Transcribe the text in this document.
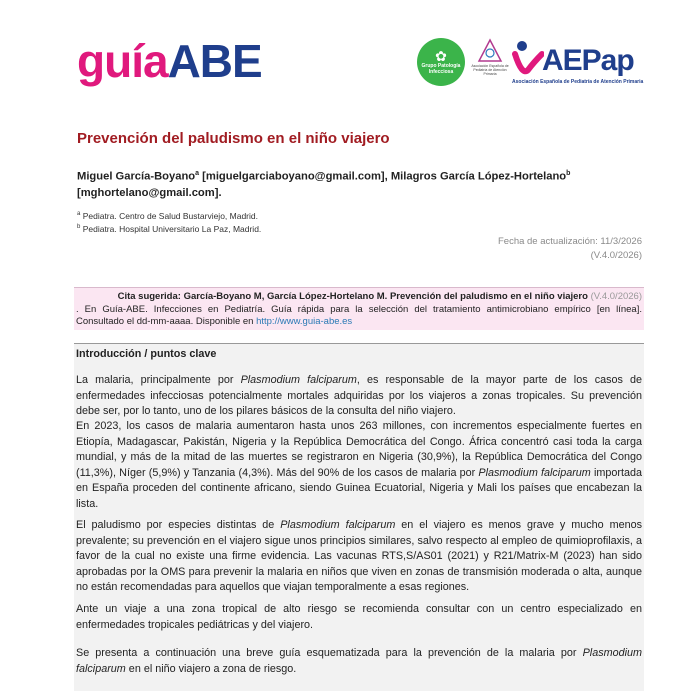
guíaABE	✿
Grupo Patología Infecciosa
Asociación Española de Pediatría de Atención Primaria	AEPap
Asociación Española de Pediatría de Atención Primaria
Prevención del paludismo en el niño viajero
Miguel García-Boyano$^a$ [miguelgarciaboyano@gmail.com], Milagros García López-Hortelano$^b$
[mghortelano@gmail.com].
$^a$ Pediatra. Centro de Salud Bustarviejo, Madrid.
$^b$ Pediatra. Hospital Universitario La Paz, Madrid.
Fecha de actualización: 11/3/2026
(V.4.0/2026)
Cita sugerida: García-Boyano M, García López-Hortelano M. Prevención del paludismo en el niño viajero (V.4.0/2026)
. En Guía-ABE. Infecciones en Pediatría. Guía rápida para la selección del tratamiento antimicrobiano empírico [en línea].
Consultado el dd-mm-aaaa. Disponible en http://www.guia-abe.es
Introducción / puntos clave
La malaria, principalmente por Plasmodium falciparum, es responsable de la mayor parte de los casos de enfermedades infecciosas potencialmente mortales adquiridas por los viajeros a zonas tropicales. Su prevención debe ser, por lo tanto, uno de los pilares básicos de la consulta del niño viajero.
En 2023, los casos de malaria aumentaron hasta unos 263 millones, con incrementos especialmente fuertes en Etiopía, Madagascar, Pakistán, Nigeria y la República Democrática del Congo. África concentró casi toda la carga mundial, y más de la mitad de las muertes se registraron en Nigeria (30,9%), la República Democrática del Congo (11,3%), Níger (5,9%) y Tanzania (4,3%). Más del 90% de los casos de malaria por Plasmodium falciparum importada en España proceden del continente africano, siendo Guinea Ecuatorial, Nigeria y Mali los países que encabezan la lista.
El paludismo por especies distintas de Plasmodium falciparum en el viajero es menos grave y mucho menos prevalente; su prevención en el viajero sigue unos principios similares, salvo respecto al empleo de quimioprofilaxis, a favor de la cual no existe una firme evidencia. Las vacunas RTS,S/AS01 (2021) y R21/Matrix-M (2023) han sido aprobadas por la OMS para prevenir la malaria en niños que viven en zonas de transmisión moderada o alta, aunque no están recomendadas para aquellos que viajan temporalmente a esas regiones.
Ante un viaje a una zona tropical de alto riesgo se recomienda consultar con un centro especializado en enfermedades tropicales pediátricas y del viajero.
Se presenta a continuación una breve guía esquematizada para la prevención de la malaria por Plasmodium falciparum en el niño viajero a zona de riesgo.
